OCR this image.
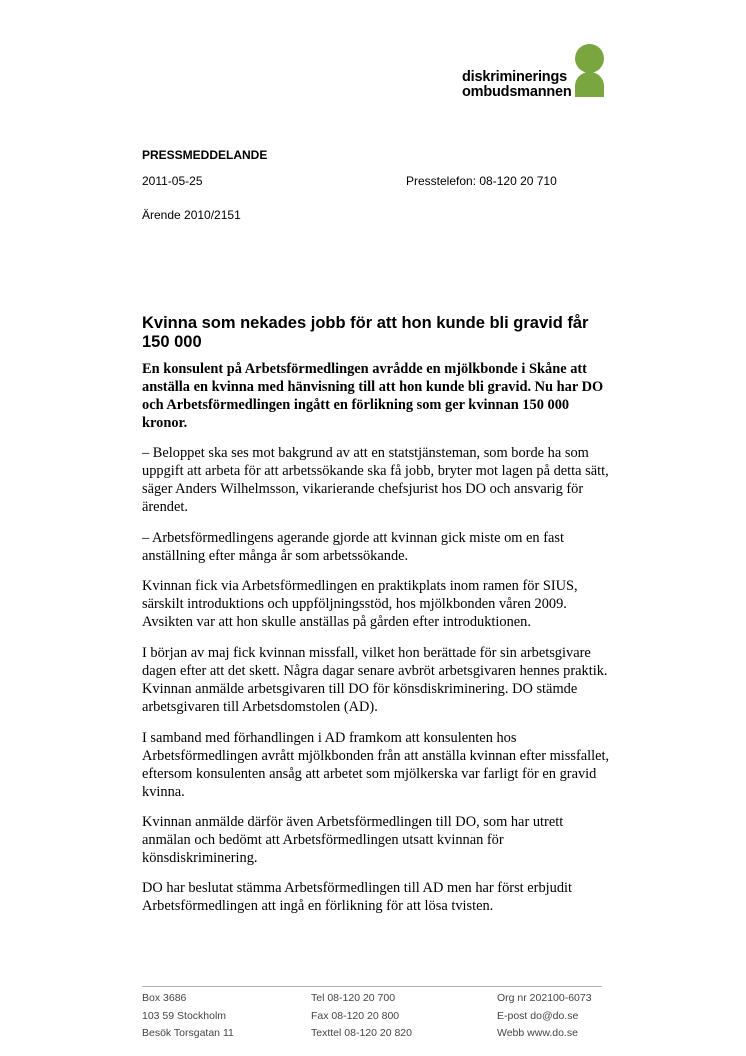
diskriminerings
ombudsmannen
PRESSMEDDELANDE
2011-05-25	Presstelefon: 08-120 20 710
Ärende 2010/2151
Kvinna som nekades jobb för att hon kunde bli gravid får 150 000
En konsulent på Arbetsförmedlingen avrådde en mjölkbonde i Skåne att anställa en kvinna med hänvisning till att hon kunde bli gravid. Nu har DO och Arbetsförmedlingen ingått en förlikning som ger kvinnan 150 000 kronor.
– Beloppet ska ses mot bakgrund av att en statstjänsteman, som borde ha som uppgift att arbeta för att arbetssökande ska få jobb, bryter mot lagen på detta sätt, säger Anders Wilhelmsson, vikarierande chefsjurist hos DO och ansvarig för ärendet.
– Arbetsförmedlingens agerande gjorde att kvinnan gick miste om en fast anställning efter många år som arbetssökande.
Kvinnan fick via Arbetsförmedlingen en praktikplats inom ramen för SIUS, särskilt introduktions och uppföljningsstöd, hos mjölkbonden våren 2009. Avsikten var att hon skulle anställas på gården efter introduktionen.
I början av maj fick kvinnan missfall, vilket hon berättade för sin arbetsgivare dagen efter att det skett. Några dagar senare avbröt arbetsgivaren hennes praktik. Kvinnan anmälde arbetsgivaren till DO för könsdiskriminering. DO stämde arbetsgivaren till Arbetsdomstolen (AD).
I samband med förhandlingen i AD framkom att konsulenten hos Arbetsförmedlingen avrått mjölkbonden från att anställa kvinnan efter missfallet, eftersom konsulenten ansåg att arbetet som mjölkerska var farligt för en gravid kvinna.
Kvinnan anmälde därför även Arbetsförmedlingen till DO, som har utrett anmälan och bedömt att Arbetsförmedlingen utsatt kvinnan för könsdiskriminering.
DO har beslutat stämma Arbetsförmedlingen till AD men har först erbjudit Arbetsförmedlingen att ingå en förlikning för att lösa tvisten.
Box 3686
103 59 Stockholm
Besök Torsgatan 11
Tel 08-120 20 700
Fax 08-120 20 800
Texttel 08-120 20 820
Org nr 202100-6073
E-post do@do.se
Webb www.do.se
